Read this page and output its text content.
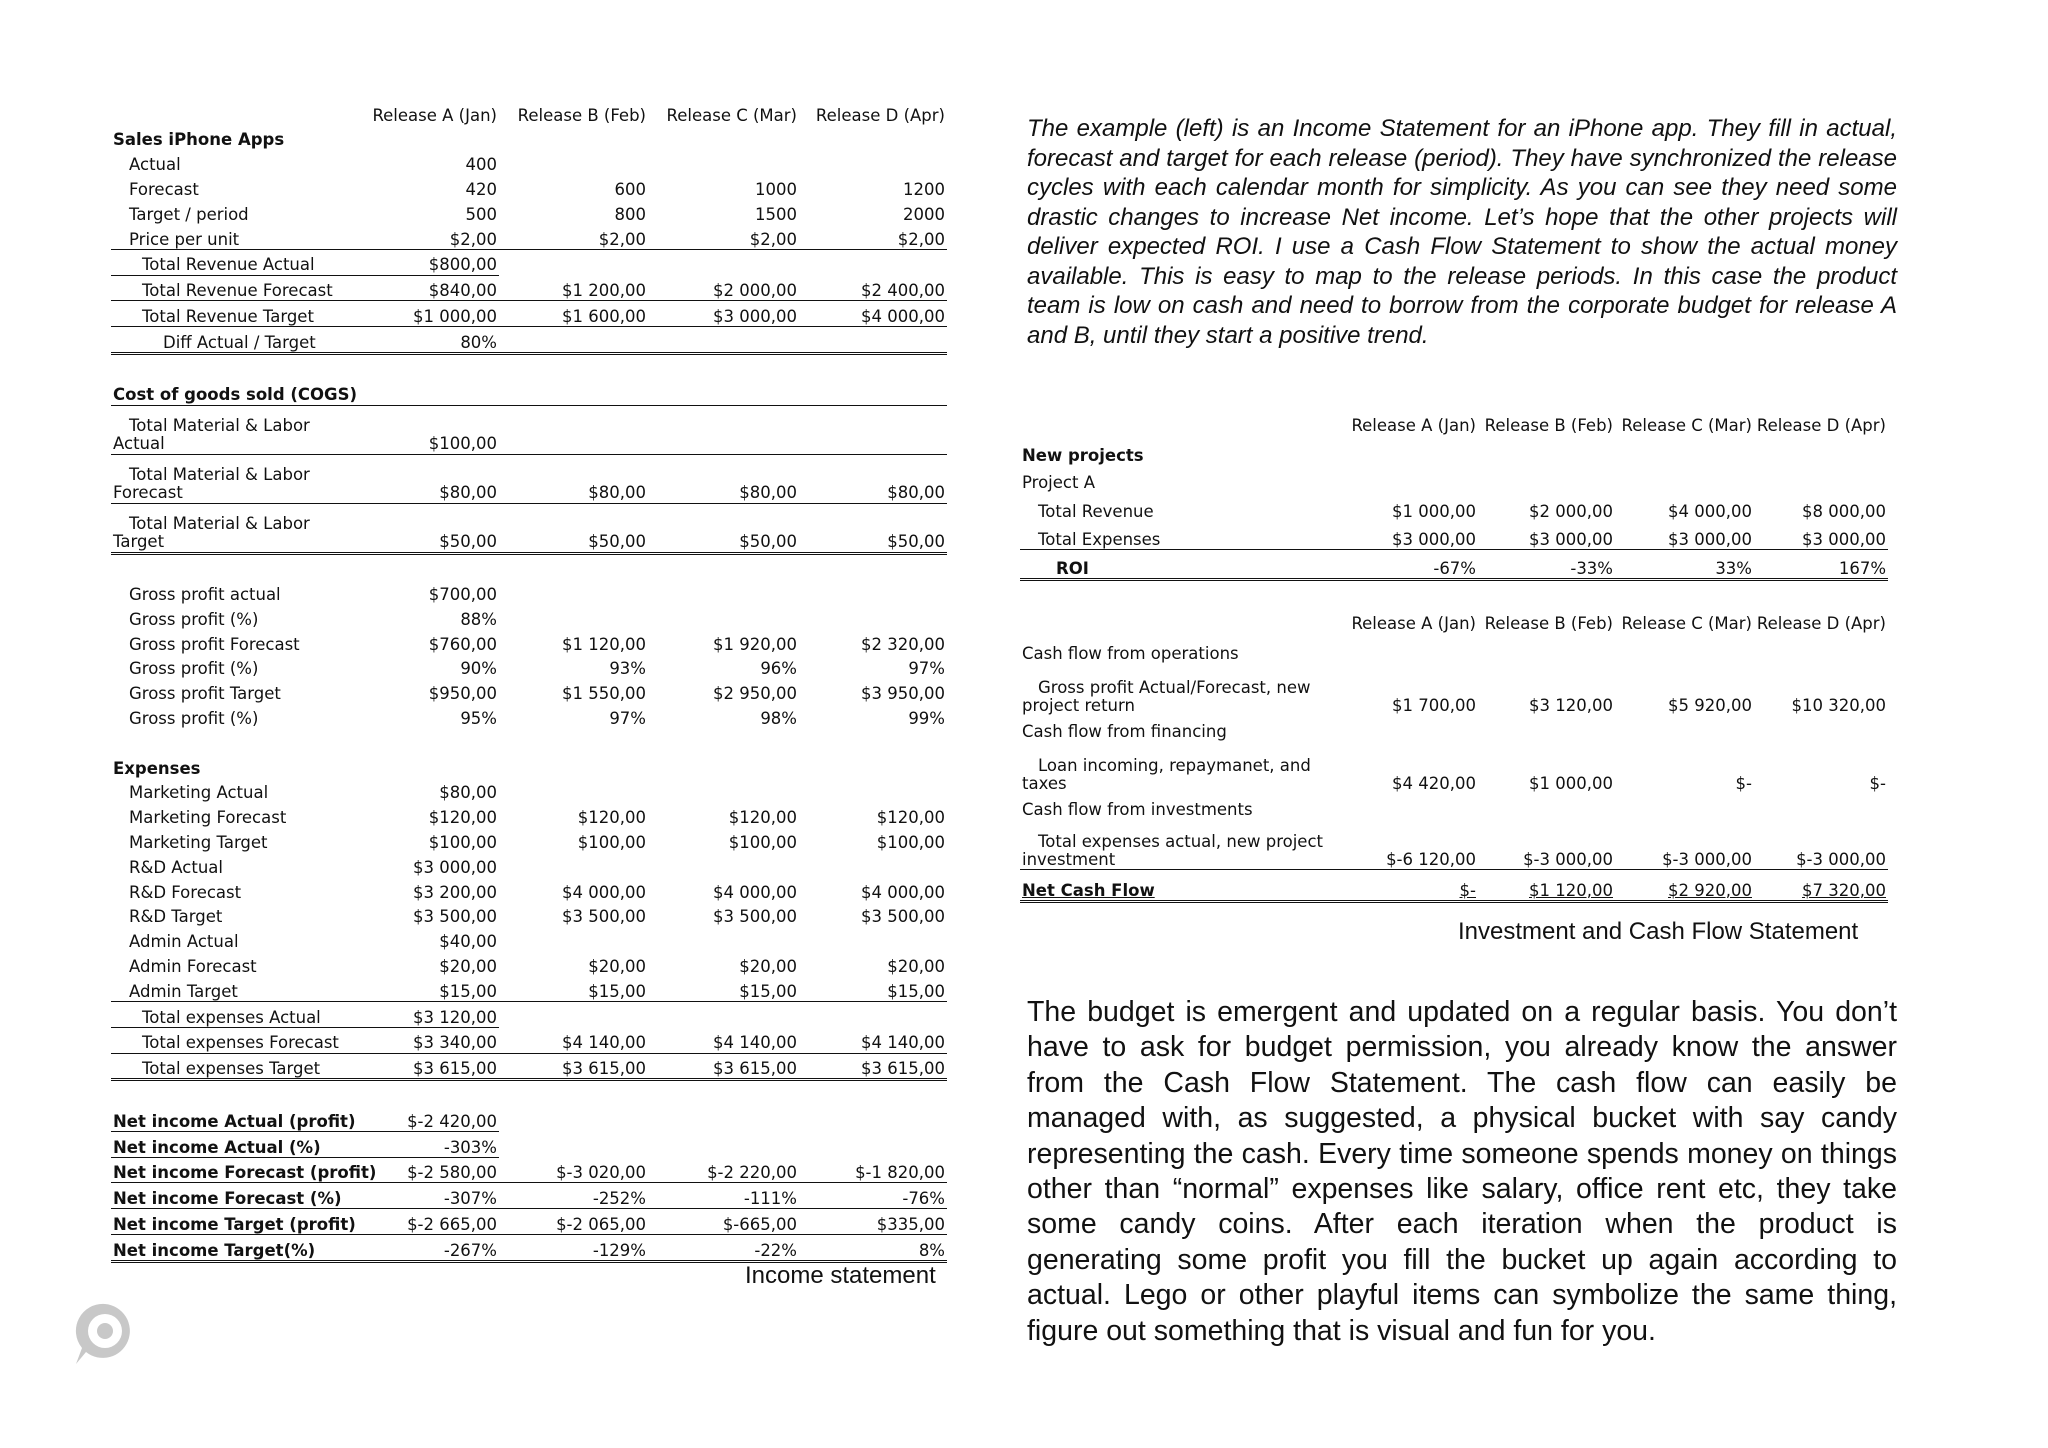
	Release A (Jan)	Release B (Feb)	Release C (Mar)	Release D (Apr)
Sales iPhone Apps				
Actual	400			
Forecast	420	600	1000	1200
Target / period	500	800	1500	2000
Price per unit	$2,00	$2,00	$2,00	$2,00
Total Revenue Actual	$800,00			
Total Revenue Forecast	$840,00	$1 200,00	$2 000,00	$2 400,00
Total Revenue Target	$1 000,00	$1 600,00	$3 000,00	$4 000,00
Diff Actual / Target	80%			

Cost of goods sold (COGS)				

Total Material & Labor
Actual	$100,00			

Total Material & Labor
Forecast	$80,00	$80,00	$80,00	$80,00

Total Material & Labor
Target	$50,00	$50,00	$50,00	$50,00

Gross profit actual	$700,00			
Gross profit (%)	88%			
Gross profit Forecast	$760,00	$1 120,00	$1 920,00	$2 320,00
Gross profit (%)	90%	93%	96%	97%
Gross profit Target	$950,00	$1 550,00	$2 950,00	$3 950,00
Gross profit (%)	95%	97%	98%	99%

Expenses				
Marketing Actual	$80,00			
Marketing Forecast	$120,00	$120,00	$120,00	$120,00
Marketing Target	$100,00	$100,00	$100,00	$100,00
R&D Actual	$3 000,00			
R&D Forecast	$3 200,00	$4 000,00	$4 000,00	$4 000,00
R&D Target	$3 500,00	$3 500,00	$3 500,00	$3 500,00
Admin Actual	$40,00			
Admin Forecast	$20,00	$20,00	$20,00	$20,00
Admin Target	$15,00	$15,00	$15,00	$15,00
Total expenses Actual	$3 120,00			
Total expenses Forecast	$3 340,00	$4 140,00	$4 140,00	$4 140,00
Total expenses Target	$3 615,00	$3 615,00	$3 615,00	$3 615,00

Net income Actual (profit)	$-2 420,00			
Net income Actual (%)	-303%			
Net income Forecast (profit)	$-2 580,00	$-3 020,00	$-2 220,00	$-1 820,00
Net income Forecast (%)	-307%	-252%	-111%	-76%
Net income Target (profit)	$-2 665,00	$-2 065,00	$-665,00	$335,00
Net income Target(%)	-267%	-129%	-22%	8%
Income statement
The example (left) is an Income Statement for an iPhone app. They fill in actual, forecast and target for each release (period). They have synchronized the release cycles with each calendar month for simplicity. As you can see they need some drastic changes to increase Net income. Let’s hope that the other projects will deliver expected ROI. I use a Cash Flow Statement to show the actual money available. This is easy to map to the release periods. In this case the product team is low on cash and need to borrow from the corporate budget for release A and B, until they start a positive trend.
	Release A (Jan)	Release B (Feb)	Release C (Mar)	Release D (Apr)
New projects				
Project A				
Total Revenue	$1 000,00	$2 000,00	$4 000,00	$8 000,00
Total Expenses	$3 000,00	$3 000,00	$3 000,00	$3 000,00
ROI	-67%	-33%	33%	167%
	Release A (Jan)	Release B (Feb)	Release C (Mar)	Release D (Apr)
Cash flow from operations				

Gross profit Actual/Forecast, new
project return	$1 700,00	$3 120,00	$5 920,00	$10 320,00
Cash flow from financing				

Loan incoming, repaymanet, and
taxes	$4 420,00	$1 000,00	$-	$-
Cash flow from investments				

Total expenses actual, new project
investment	$-6 120,00	$-3 000,00	$-3 000,00	$-3 000,00
Net Cash Flow	$-	$1 120,00	$2 920,00	$7 320,00
Investment and Cash Flow Statement
The budget is emergent and updated on a regular basis. You don’t have to ask for budget permission, you already know the answer from the Cash Flow Statement. The cash flow can easily be managed with, as suggested, a physical bucket with say candy representing the cash. Every time someone spends money on things other than “normal” expenses like salary, office rent etc, they take some candy coins. After each iteration when the product is generating some profit you fill the bucket up again according to actual. Lego or other playful items can symbolize the same thing, figure out something that is visual and fun for you.
